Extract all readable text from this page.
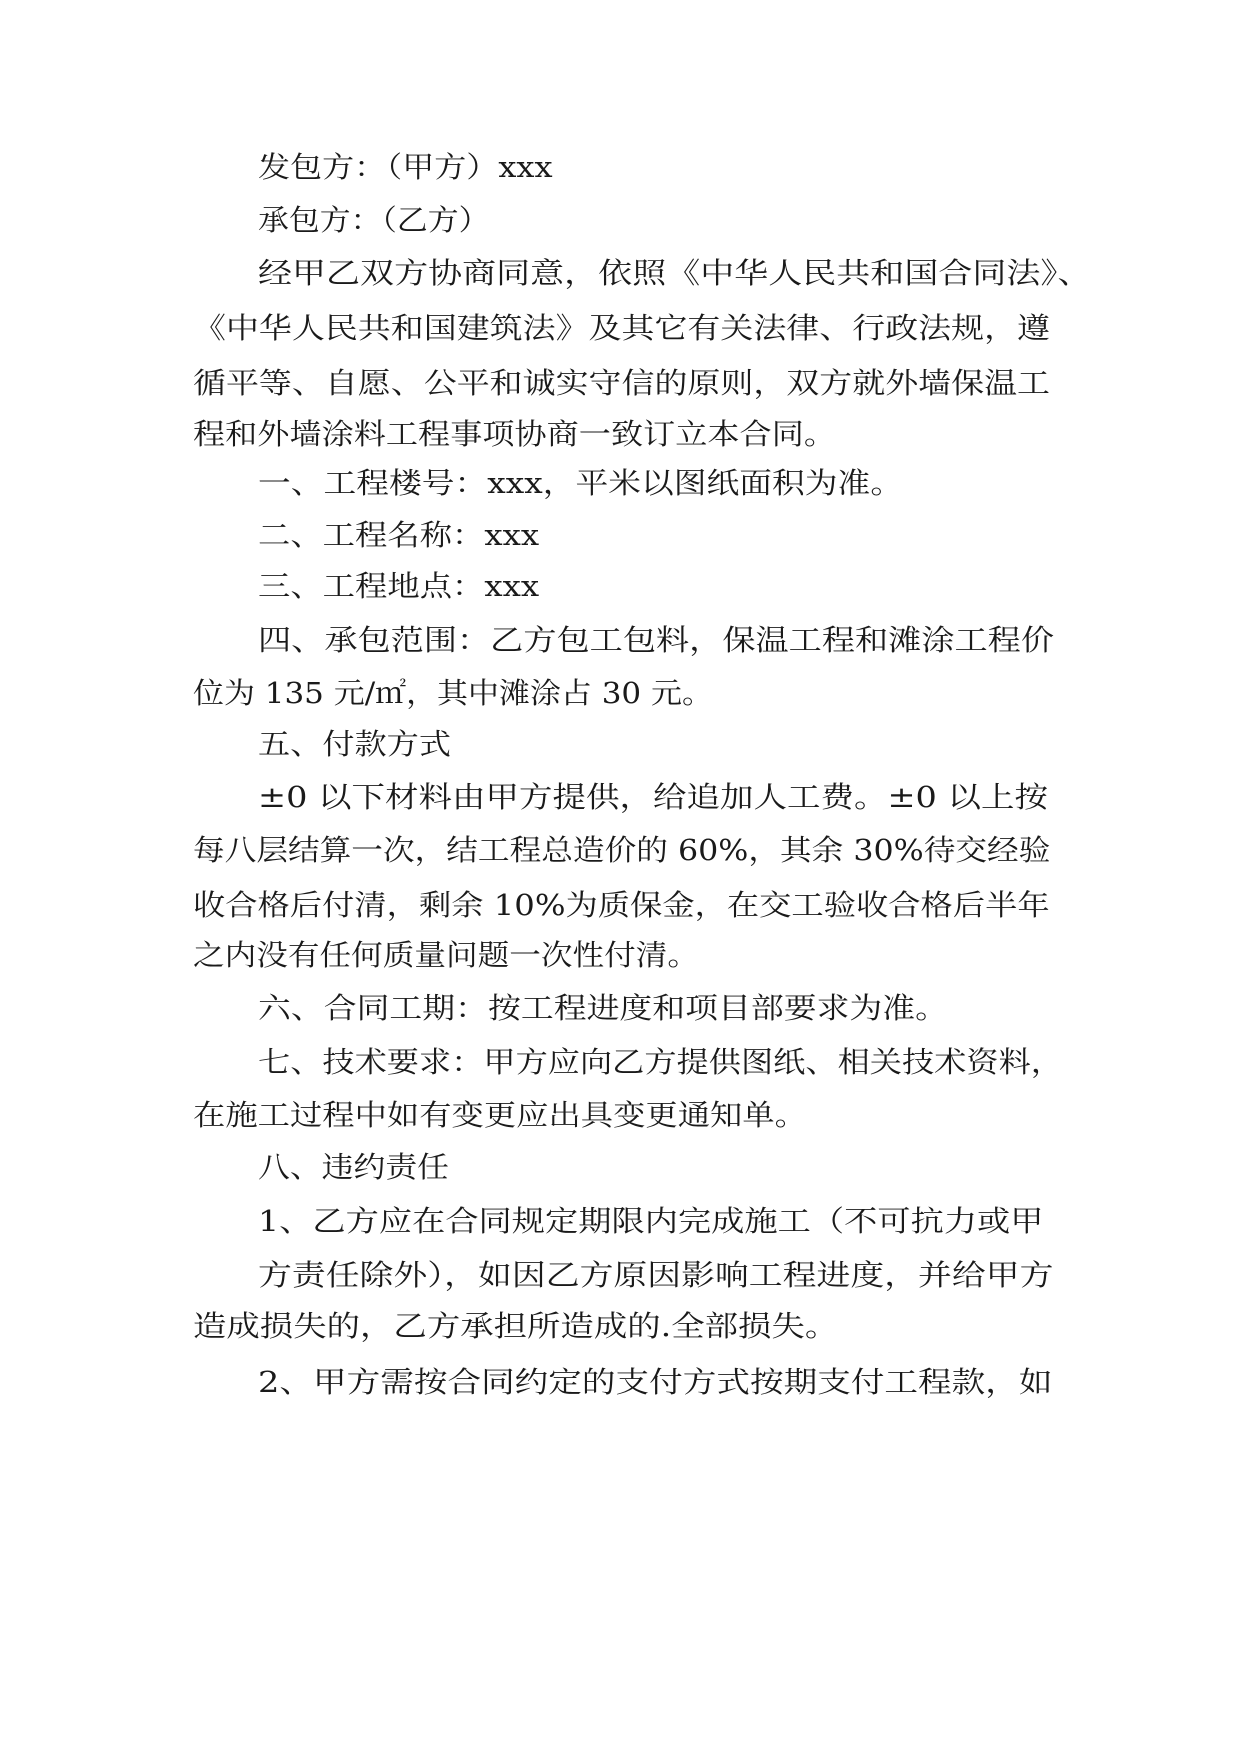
发包方：（甲方）xxx
承包方：（乙方）
经甲乙双方协商同意，依照《中华人民共和国合同法》、
《中华人民共和国建筑法》及其它有关法律、行政法规，遵
循平等、自愿、公平和诚实守信的原则，双方就外墙保温工
程和外墙涂料工程事项协商一致订立本合同。
一、工程楼号：xxx，平米以图纸面积为准。
二、工程名称：xxx
三、工程地点：xxx
四、承包范围：乙方包工包料，保温工程和滩涂工程价
位为 135 元/㎡，其中滩涂占 30 元。
五、付款方式
±0 以下材料由甲方提供，给追加人工费。±0 以上按
每八层结算一次，结工程总造价的 60%，其余 30%待交经验
收合格后付清，剩余 10%为质保金，在交工验收合格后半年
之内没有任何质量问题一次性付清。
六、合同工期：按工程进度和项目部要求为准。
七、技术要求：甲方应向乙方提供图纸、相关技术资料，
在施工过程中如有变更应出具变更通知单。
八、违约责任
1、乙方应在合同规定期限内完成施工（不可抗力或甲
方责任除外），如因乙方原因影响工程进度，并给甲方
造成损失的，乙方承担所造成的.全部损失。
2、甲方需按合同约定的支付方式按期支付工程款，如
